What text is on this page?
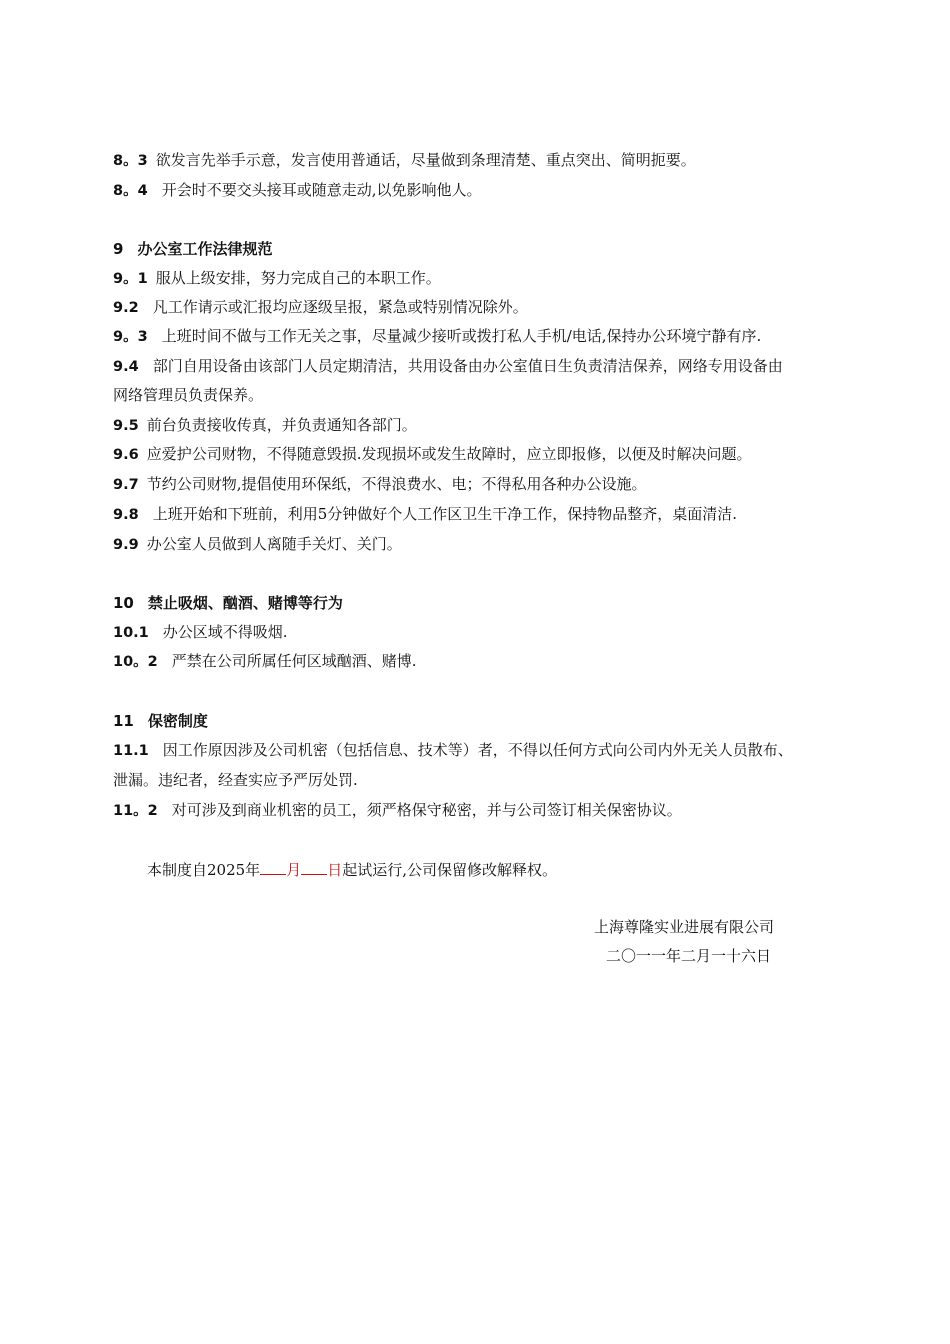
8。3 欲发言先举手示意，发言使用普通话，尽量做到条理清楚、重点突出、简明扼要。
8。4 开会时不要交头接耳或随意走动,以免影响他人。
9 办公室工作法律规范
9。1 服从上级安排，努力完成自己的本职工作。
9.2 凡工作请示或汇报均应逐级呈报，紧急或特别情况除外。
9。3 上班时间不做与工作无关之事，尽量减少接听或拨打私人手机/电话,保持办公环境宁静有序.
9.4 部门自用设备由该部门人员定期清洁，共用设备由办公室值日生负责清洁保养，网络专用设备由
网络管理员负责保养。
9.5 前台负责接收传真，并负责通知各部门。
9.6 应爱护公司财物，不得随意毁损.发现损坏或发生故障时，应立即报修，以便及时解决问题。
9.7 节约公司财物,提倡使用环保纸，不得浪费水、电；不得私用各种办公设施。
9.8 上班开始和下班前，利用5分钟做好个人工作区卫生干净工作，保持物品整齐，桌面清洁.
9.9 办公室人员做到人离随手关灯、关门。
10 禁止吸烟、酗酒、赌博等行为
10.1 办公区域不得吸烟.
10。2 严禁在公司所属任何区域酗酒、赌博.
11 保密制度
11.1 因工作原因涉及公司机密（包括信息、技术等）者，不得以任何方式向公司内外无关人员散布、
泄漏。违纪者，经查实应予严厉处罚.
11。2 对可涉及到商业机密的员工，须严格保守秘密，并与公司签订相关保密协议。
本制度自2025年 月 日起试运行,公司保留修改解释权。
上海尊隆实业进展有限公司
二〇一一年二月一十六日
